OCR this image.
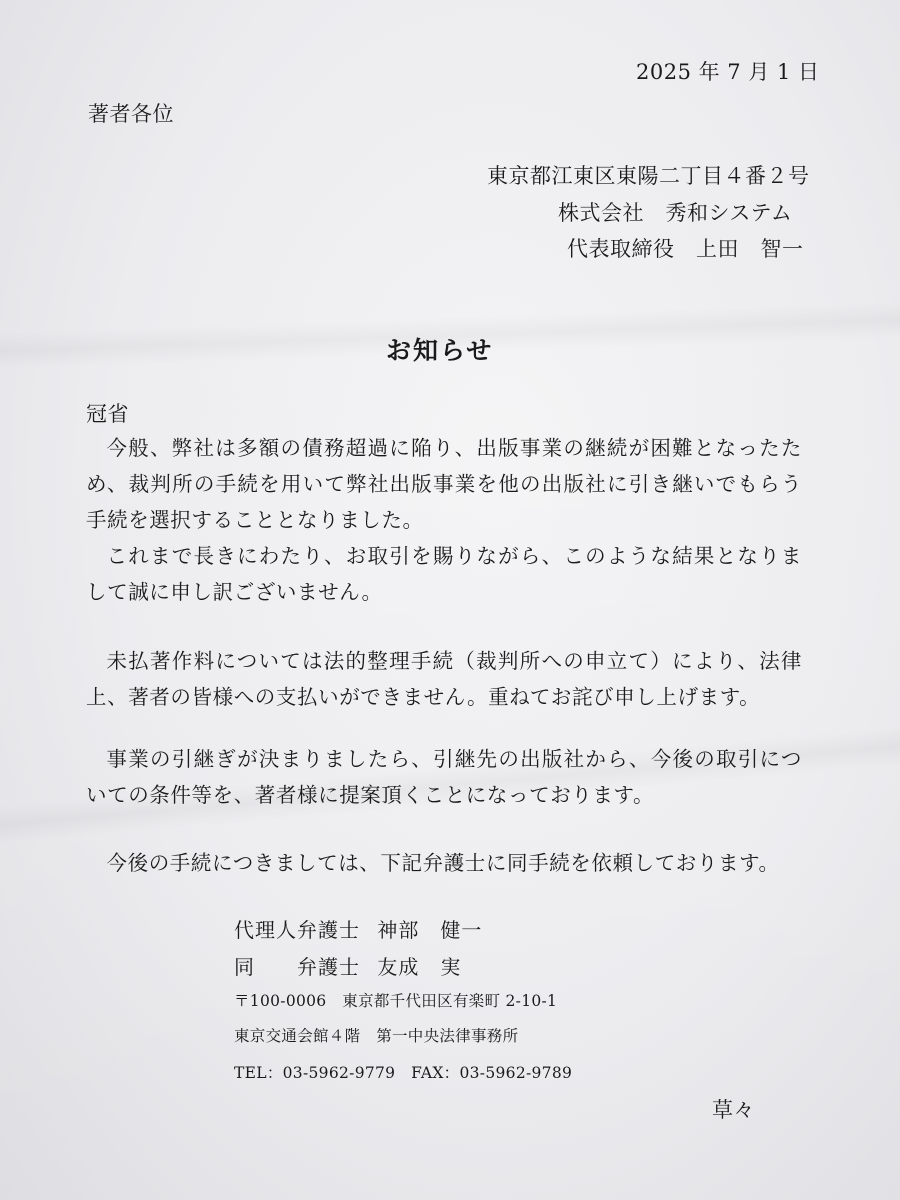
2025 年 7 月 1 日
著者各位
東京都江東区東陽二丁目４番２号
株式会社　秀和システム
代表取締役　上田　智一
お知らせ
冠省

今般、弊社は多額の債務超過に陥り、出版事業の継続が困難となったため、裁判所の手続を用いて弊社出版事業を他の出版社に引き継いでもらう手続を選択することとなりました。

これまで長きにわたり、お取引を賜りながら、このような結果となりまして誠に申し訳ございません。

未払著作料については法的整理手続（裁判所への申立て）により、法律上、著者の皆様への支払いができません。重ねてお詫び申し上げます。

事業の引継ぎが決まりましたら、引継先の出版社から、今後の取引についての条件等を、著者様に提案頂くことになっております。

今後の手続につきましては、下記弁護士に同手続を依頼しております。

代理人弁護士 神部　健一
同　　弁護士 友成　実
〒100-0006　東京都千代田区有楽町 2-10-1
東京交通会館４階　第一中央法律事務所
TEL：03-5962-9779　FAX：03-5962-9789
草々
